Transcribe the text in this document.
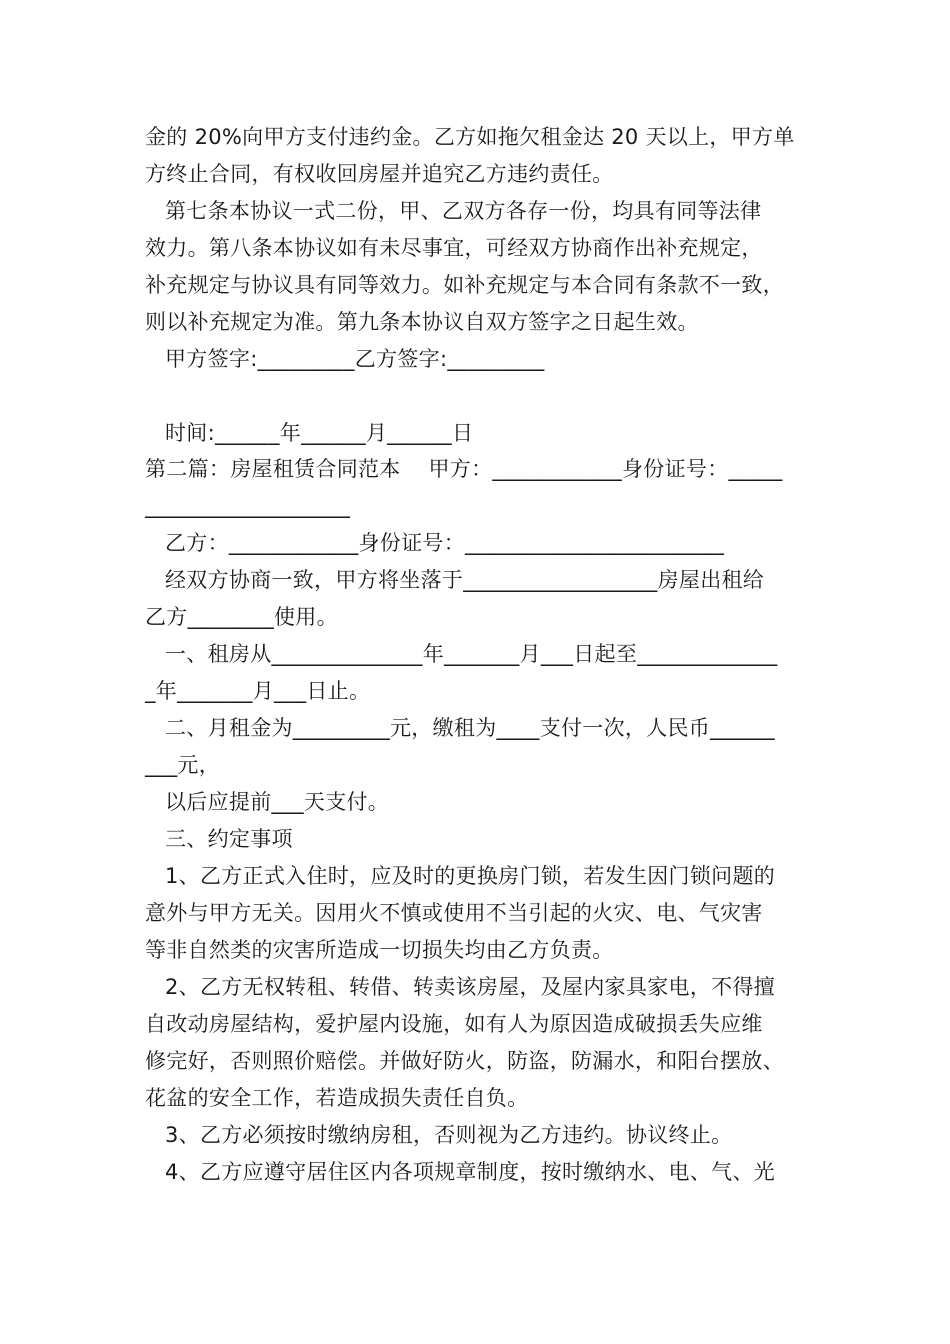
金的 20%向甲方支付违约金。乙方如拖欠租金达 20 天以上，甲方单
方终止合同，有权收回房屋并追究乙方违约责任。
第七条本协议一式二份，甲、乙双方各存一份，均具有同等法律
效力。第八条本协议如有未尽事宜，可经双方协商作出补充规定，
补充规定与协议具有同等效力。如补充规定与本合同有条款不一致，
则以补充规定为准。第九条本协议自双方签字之日起生效。
甲方签字:_________乙方签字:_________
时间:______年______月______日
第二篇：房屋租赁合同范本    甲方：____________身份证号：_____
___________________
乙方：____________身份证号：________________________
经双方协商一致，甲方将坐落于__________________房屋出租给
乙方________使用。
一、租房从______________年_______月___日起至_____________
_年_______月___日止。
二、月租金为_________元，缴租为____支付一次，人民币______
___元，
以后应提前___天支付。
三、约定事项
1、乙方正式入住时，应及时的更换房门锁，若发生因门锁问题的
意外与甲方无关。因用火不慎或使用不当引起的火灾、电、气灾害
等非自然类的灾害所造成一切损失均由乙方负责。
2、乙方无权转租、转借、转卖该房屋，及屋内家具家电，不得擅
自改动房屋结构，爱护屋内设施，如有人为原因造成破损丢失应维
修完好，否则照价赔偿。并做好防火，防盗，防漏水，和阳台摆放、
花盆的安全工作，若造成损失责任自负。
3、乙方必须按时缴纳房租，否则视为乙方违约。协议终止。
4、乙方应遵守居住区内各项规章制度，按时缴纳水、电、气、光
